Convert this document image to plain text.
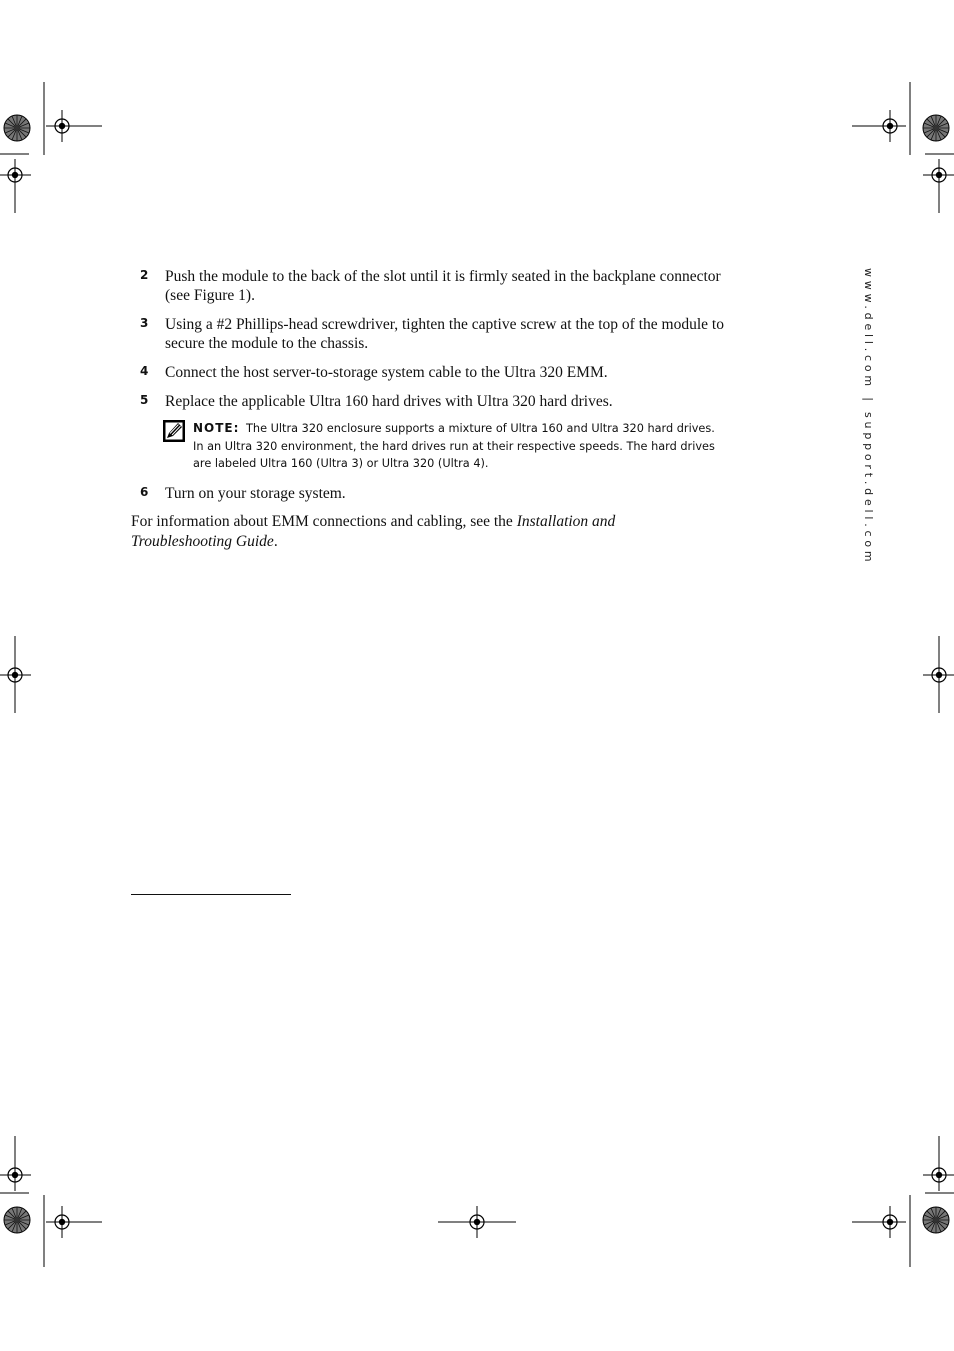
www.dell.com | support.dell.com
2 Push the module to the back of the slot until it is firmly seated in the backplane connector (see Figure 1).
3 Using a #2 Phillips-head screwdriver, tighten the captive screw at the top of the module to secure the module to the chassis.
4 Connect the host server-to-storage system cable to the Ultra 320 EMM.
5 Replace the applicable Ultra 160 hard drives with Ultra 320 hard drives.
NOTE: The Ultra 320 enclosure supports a mixture of Ultra 160 and Ultra 320 hard drives. In an Ultra 320 environment, the hard drives run at their respective speeds. The hard drives are labeled Ultra 160 (Ultra 3) or Ultra 320 (Ultra 4).
6 Turn on your storage system.
For information about EMM connections and cabling, see the Installation and Troubleshooting Guide.
